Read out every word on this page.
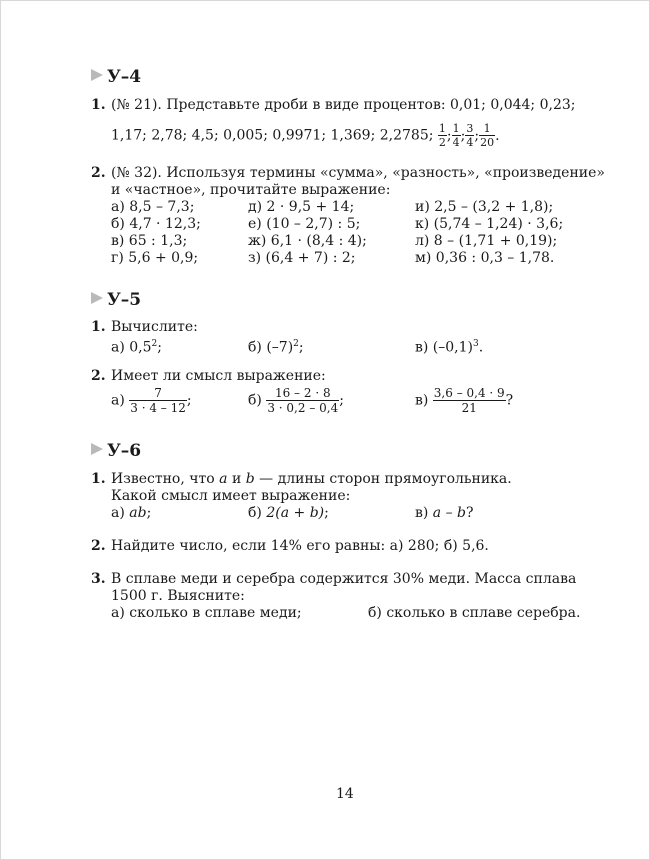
У–4
1. (№ 21). Представьте дроби в виде процентов: 0,01; 0,044; 0,23;
1,17; 2,78; 4,5; 0,005; 0,9971; 1,369; 2,2785; $\frac{1}{2}$ ; $\frac{1}{4}$ ; $\frac{3}{4}$ ; $\frac{1}{20}$ .
2. (№ 32). Используя термины «сумма», «разность», «произведение»
и «частное», прочитайте выражение:
а) 8,5 – 7,3;	д) 2 · 9,5 + 14;	и) 2,5 – (3,2 + 1,8);
б) 4,7 · 12,3;	е) (10 – 2,7) : 5;	к) (5,74 – 1,24) · 3,6;
в) 65 : 1,3;	ж) 6,1 · (8,4 : 4);	л) 8 – (1,71 + 0,19);
г) 5,6 + 0,9;	з) (6,4 + 7) : 2;	м) 0,36 : 0,3 – 1,78.
У–5
1. Вычислите:
а) $0,5^2$;	б) $(-7)^2$;	в) $(-0,1)^3$.
2. Имеет ли смысл выражение:
$а) \frac{7}{3 \cdot 4 - 12}$ ;	$б) \frac{16 - 2 \cdot 8}{3 \cdot 0,2 - 0,4}$ ;	$в) \frac{3,6 - 0,4 \cdot 9}{21}$ ?
У–6
1. Известно, что a и b — длины сторон прямоугольника.
Какой смысл имеет выражение:
а) ab;	б) 2(a + b);	в) a – b?
2. Найдите число, если 14% его равны: а) 280; б) 5,6.
3. В сплаве меди и серебра содержится 30% меди. Масса сплава
1500 г. Выясните:
а) сколько в сплаве меди;	б) сколько в сплаве серебра.
14
